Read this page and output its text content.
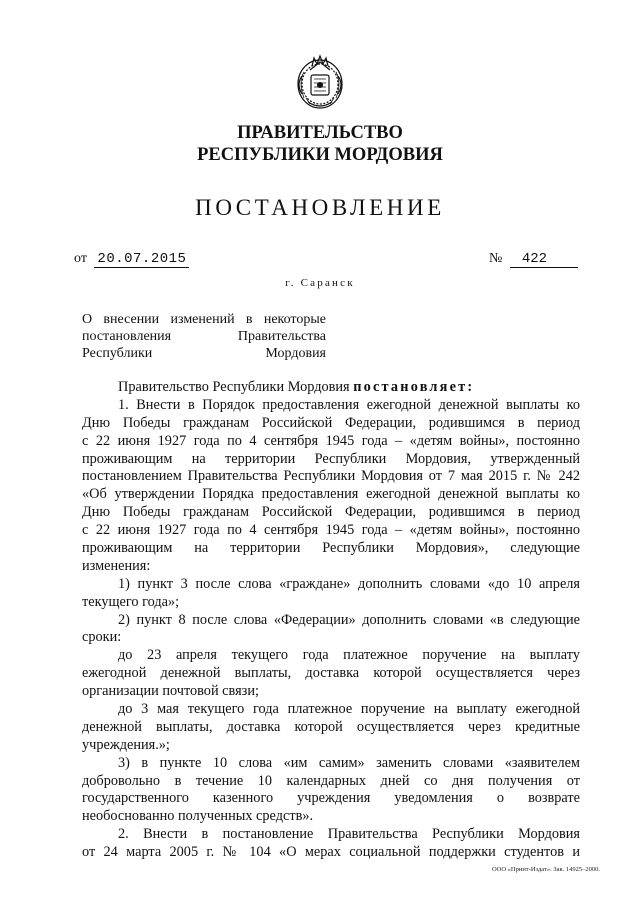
ПРАВИТЕЛЬСТВО
РЕСПУБЛИКИ МОРДОВИЯ
ПОСТАНОВЛЕНИЕ
от 20.07.2015	№ 422
г. Саранск
О внесении изменений в некоторые
постановления	Правительства
Республики    Мордовия
Правительство Республики Мордовия постановляет:
1. Внести в Порядок предоставления ежегодной денежной выплаты ко
Дню Победы гражданам Российской Федерации, родившимся в период
с 22 июня 1927 года по 4 сентября 1945 года – «детям войны», постоянно
проживающим на территории Республики Мордовия, утвержденный
постановлением Правительства Республики Мордовия от 7 мая 2015 г. № 242
«Об утверждении Порядка предоставления ежегодной денежной выплаты ко
Дню Победы гражданам Российской Федерации, родившимся в период
с 22 июня 1927 года по 4 сентября 1945 года – «детям войны», постоянно
проживающим на территории Республики Мордовия», следующие
изменения:
1) пункт 3 после слова «граждане» дополнить словами «до 10 апреля
текущего года»;
2) пункт 8 после слова «Федерации» дополнить словами «в следующие
сроки:
до 23 апреля текущего года платежное поручение на выплату
ежегодной денежной выплаты, доставка которой осуществляется через
организации почтовой связи;
до 3 мая текущего года платежное поручение на выплату ежегодной
денежной выплаты, доставка которой осуществляется через кредитные
учреждения.»;
3) в пункте 10 слова «им самим» заменить словами «заявителем
добровольно в течение 10 календарных дней со дня получения от
государственного казенного учреждения уведомления о возврате
необоснованно полученных средств».
2. Внести в постановление Правительства Республики Мордовия
от 24 марта 2005 г. № 104 «О мерах социальной поддержки студентов и
ООО «Принт-Издат». Зак. 14925–2000.
